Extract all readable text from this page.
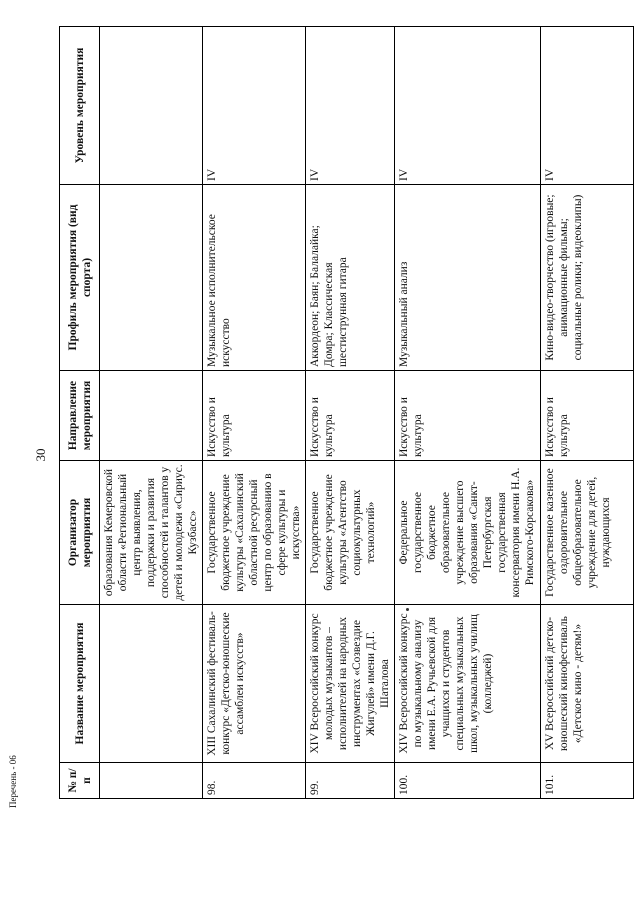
30
Перечень - 06	№ п/п	Название мероприятия	Организатор мероприятия	Направление мероприятия	Профиль мероприятия (вид спорта)	Уровень мероприятия
		образования Кемеровской области «Региональный центр выявления, поддержки и развития способностей и талантов у детей и молодежи «Сириус. Кузбасс»			
98.	XIII Сахалинский фестиваль-конкурс «Детско-юношеские ассамблеи искусств»	Государственное бюджетное учреждение культуры «Сахалинский областной ресурсный центр по образованию в сфере культуры и искусства»	Искусство и культура	Музыкальное исполнительское искусство	IV
99.	XIV Всероссийский конкурс молодых музыкантов – исполнителей на народных инструментах «Созвездие Жигулей» имени Д.Г. Шаталова	Государственное бюджетное учреждение культуры «Агентство социокультурных технологий»	Искусство и культура	Аккордеон; Баян; Балалайка; Домра; Классическая шестиструнная гитара	IV
100.	XIV Всероссийский конкурс по музыкальному анализу имени Е.А. Ручьевской для учащихся и студентов специальных музыкальных школ, музыкальных училищ (колледжей)	Федеральное государственное бюджетное образовательное учреждение высшего образования «Санкт-Петербургская государственная консерватория имени Н.А. Римского-Корсакова»	Искусство и культура	Музыкальный анализ	IV
101.	XV Всероссийский детско-юношеский кинофестиваль «Детское кино - детям!»	Государственное казенное оздоровительное общеобразовательное учреждение для детей, нуждающихся	Искусство и культура	Кино-видео-творчество (игровые; анимационные фильмы; социальные ролики; видеоклипы)	IV
